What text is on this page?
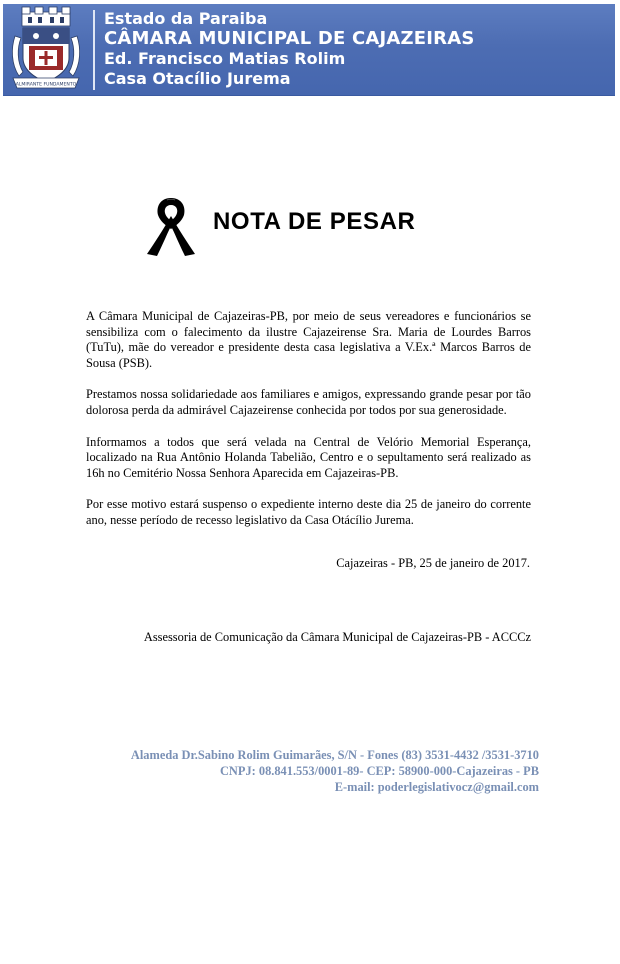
ALMIRANTE FUNDAMENTO
Estado da Paraiba
CÂMARA MUNICIPAL DE CAJAZEIRAS
Ed. Francisco Matias Rolim
Casa Otacílio Jurema
NOTA DE PESAR

A Câmara Municipal de Cajazeiras-PB, por meio de seus vereadores e funcionários se sensibiliza com o falecimento da ilustre Cajazeirense Sra. Maria de Lourdes Barros (TuTu), mãe do vereador e presidente desta casa legislativa a V.Ex.ª Marcos Barros de Sousa (PSB).

Prestamos nossa solidariedade aos familiares e amigos, expressando grande pesar por tão dolorosa perda da admirável Cajazeirense conhecida por todos por sua generosidade.

Informamos a todos que será velada na Central de Velório Memorial Esperança, localizado na Rua Antônio Holanda Tabelião, Centro e o sepultamento será realizado as 16h no Cemitério Nossa Senhora Aparecida em Cajazeiras-PB.

Por esse motivo estará suspenso o expediente interno deste dia 25 de janeiro do corrente ano, nesse período de recesso legislativo da Casa Otácílio Jurema.

Cajazeiras - PB, 25 de janeiro de 2017.
Assessoria de Comunicação da Câmara Municipal de Cajazeiras-PB - ACCCz
Alameda Dr.Sabino Rolim Guimarães, S/N - Fones (83) 3531-4432 /3531-3710
CNPJ: 08.841.553/0001-89- CEP: 58900-000-Cajazeiras - PB
E-mail: poderlegislativocz@gmail.com
